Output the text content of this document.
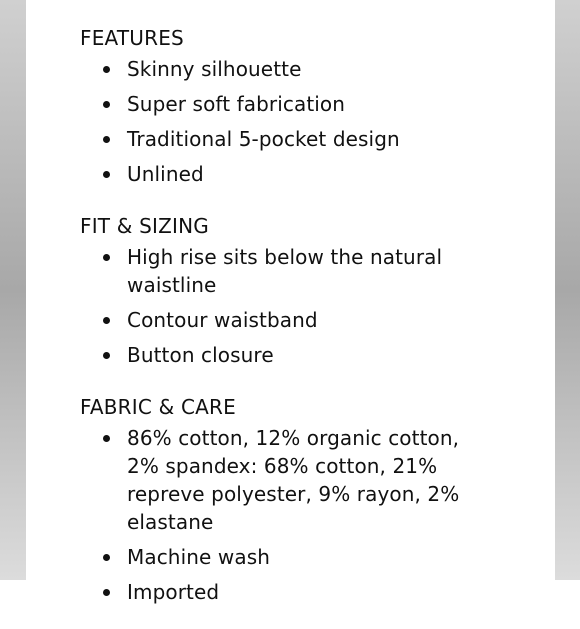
FEATURES
Skinny silhouette
Super soft fabrication
Traditional 5-pocket design
Unlined
FIT & SIZING
High rise sits below the natural waistline
Contour waistband
Button closure
FABRIC & CARE
86% cotton, 12% organic cotton, 2% spandex: 68% cotton, 21% repreve polyester, 9% rayon, 2% elastane
Machine wash
Imported
